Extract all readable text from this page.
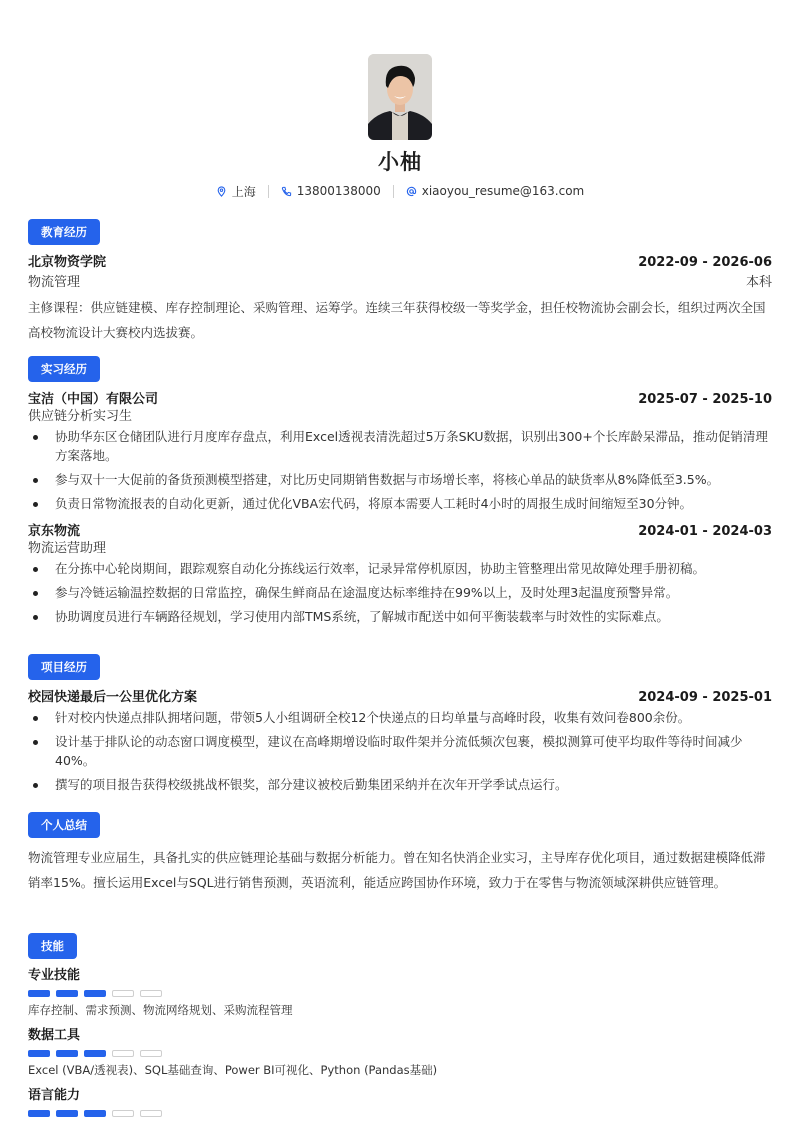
小柚
上海	13800138000	xiaoyou_resume@163.com
教育经历
北京物资学院	2022-09 - 2026-06
物流管理	本科
主修课程：供应链建模、库存控制理论、采购管理、运筹学。连续三年获得校级一等奖学金，担任校物流协会副会长，组织过两次全国高校物流设计大赛校内选拔赛。
实习经历
宝洁（中国）有限公司	2025-07 - 2025-10
供应链分析实习生
协助华东区仓储团队进行月度库存盘点，利用Excel透视表清洗超过5万条SKU数据，识别出300+个长库龄呆滞品，推动促销清理方案落地。
参与双十一大促前的备货预测模型搭建，对比历史同期销售数据与市场增长率，将核心单品的缺货率从8%降低至3.5%。
负责日常物流报表的自动化更新，通过优化VBA宏代码，将原本需要人工耗时4小时的周报生成时间缩短至30分钟。
京东物流	2024-01 - 2024-03
物流运营助理
在分拣中心轮岗期间，跟踪观察自动化分拣线运行效率，记录异常停机原因，协助主管整理出常见故障处理手册初稿。
参与冷链运输温控数据的日常监控，确保生鲜商品在途温度达标率维持在99%以上，及时处理3起温度预警异常。
协助调度员进行车辆路径规划，学习使用内部TMS系统，了解城市配送中如何平衡装载率与时效性的实际难点。
项目经历
校园快递最后一公里优化方案	2024-09 - 2025-01
针对校内快递点排队拥堵问题，带领5人小组调研全校12个快递点的日均单量与高峰时段，收集有效问卷800余份。
设计基于排队论的动态窗口调度模型，建议在高峰期增设临时取件架并分流低频次包裹，模拟测算可使平均取件等待时间减少40%。
撰写的项目报告获得校级挑战杯银奖，部分建议被校后勤集团采纳并在次年开学季试点运行。
个人总结
物流管理专业应届生，具备扎实的供应链理论基础与数据分析能力。曾在知名快消企业实习，主导库存优化项目，通过数据建模降低滞销率15%。擅长运用Excel与SQL进行销售预测，英语流利，能适应跨国协作环境，致力于在零售与物流领域深耕供应链管理。
技能
专业技能
库存控制、需求预测、物流网络规划、采购流程管理
数据工具
Excel (VBA/透视表)、SQL基础查询、Power BI可视化、Python (Pandas基础)
语言能力
